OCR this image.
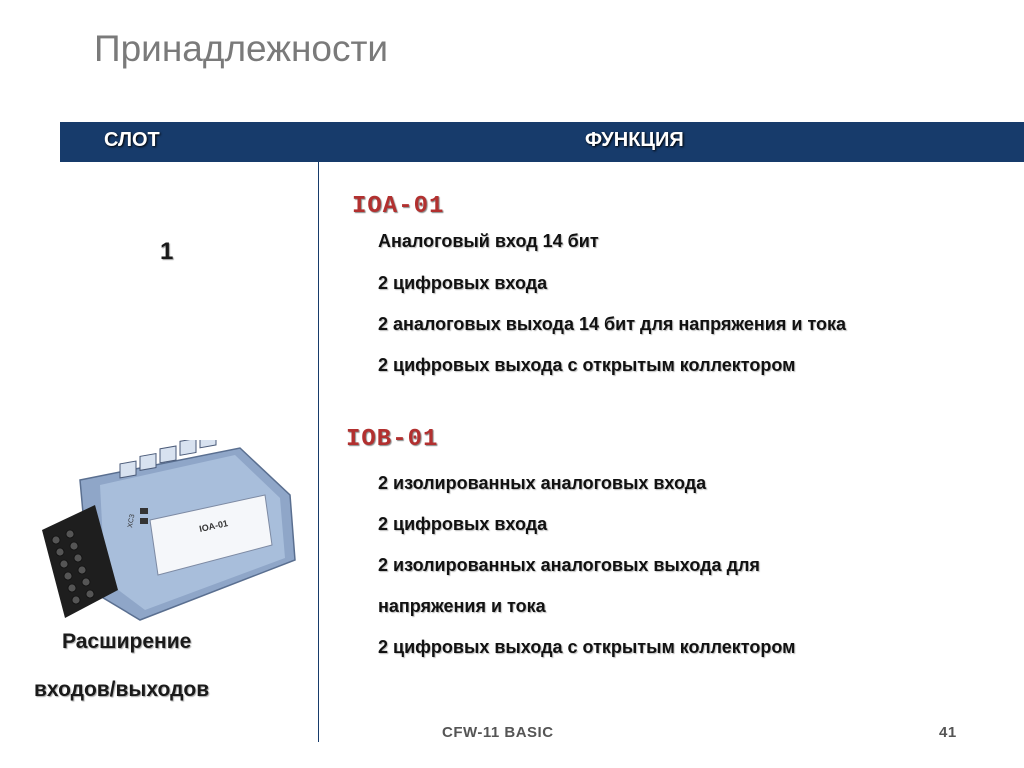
Принадлежности
СЛОТ	ФУНКЦИЯ
1
IOA-01
Аналоговый вход 14 бит
2 цифровых входа
2 аналоговых выхода 14 бит для напряжения и тока
2 цифровых выхода с открытым коллектором
IOB-01
2 изолированных аналоговых входа
2 цифровых входа
2 изолированных аналоговых выхода для
напряжения и тока
2 цифровых выхода с открытым коллектором
IOA-01
XC3
Расширение
входов/выходов
CFW-11 BASIC	41
